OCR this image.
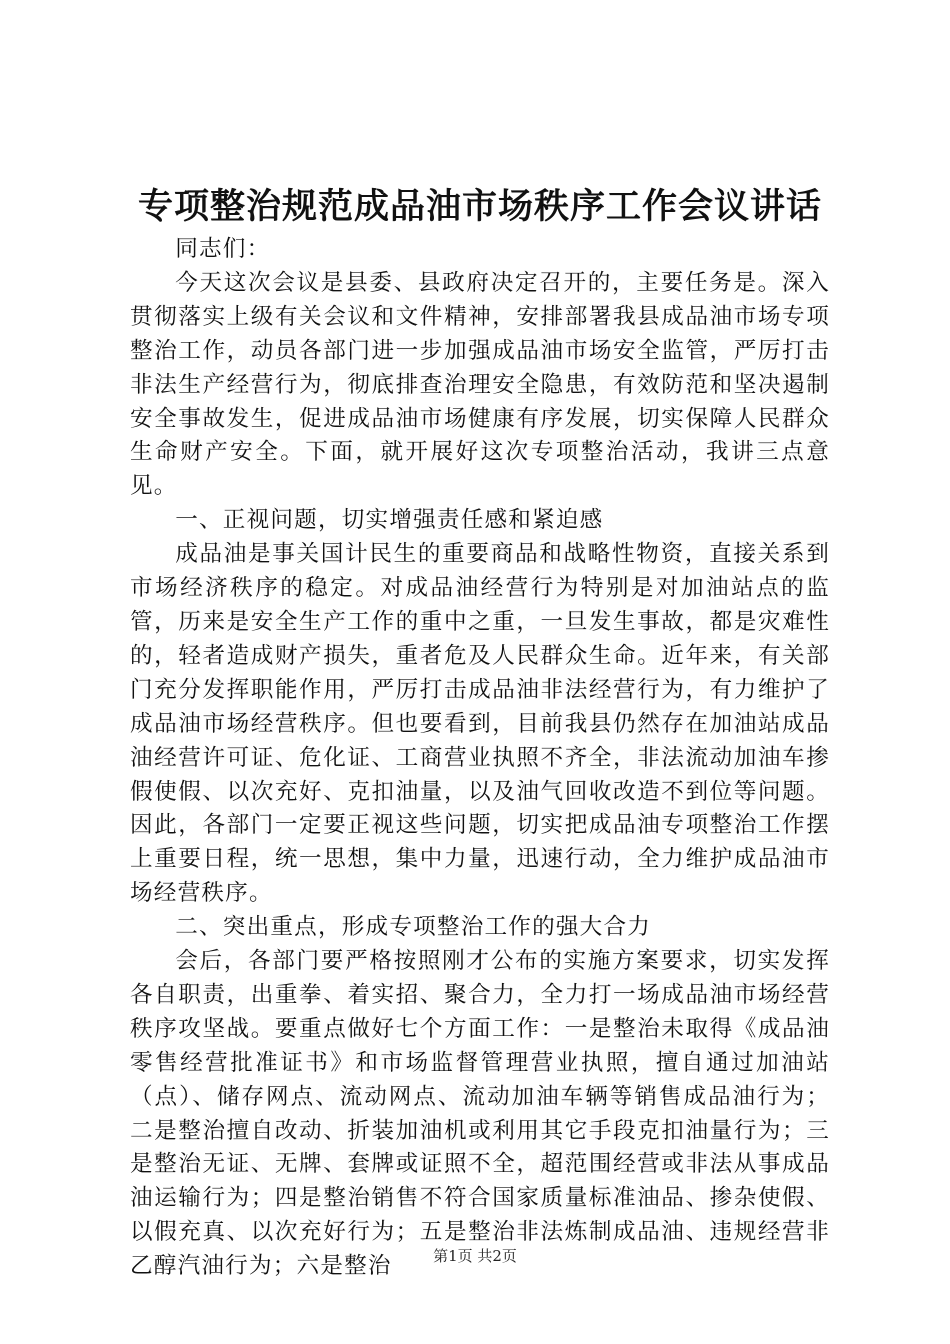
专项整治规范成品油市场秩序工作会议讲话

同志们：

今天这次会议是县委、县政府决定召开的，主要任务是。深入贯彻落实上级有关会议和文件精神，安排部署我县成品油市场专项整治工作，动员各部门进一步加强成品油市场安全监管，严厉打击非法生产经营行为，彻底排查治理安全隐患，有效防范和坚决遏制安全事故发生，促进成品油市场健康有序发展，切实保障人民群众生命财产安全。下面，就开展好这次专项整治活动，我讲三点意见。

一、正视问题，切实增强责任感和紧迫感

成品油是事关国计民生的重要商品和战略性物资，直接关系到市场经济秩序的稳定。对成品油经营行为特别是对加油站点的监管，历来是安全生产工作的重中之重，一旦发生事故，都是灾难性的，轻者造成财产损失，重者危及人民群众生命。近年来，有关部门充分发挥职能作用，严厉打击成品油非法经营行为，有力维护了成品油市场经营秩序。但也要看到，目前我县仍然存在加油站成品油经营许可证、危化证、工商营业执照不齐全，非法流动加油车掺假使假、以次充好、克扣油量，以及油气回收改造不到位等问题。因此，各部门一定要正视这些问题，切实把成品油专项整治工作摆上重要日程，统一思想，集中力量，迅速行动，全力维护成品油市场经营秩序。

二、突出重点，形成专项整治工作的强大合力

会后，各部门要严格按照刚才公布的实施方案要求，切实发挥各自职责，出重拳、着实招、聚合力，全力打一场成品油市场经营秩序攻坚战。要重点做好七个方面工作：一是整治未取得《成品油零售经营批准证书》和市场监督管理营业执照，擅自通过加油站（点）、储存网点、流动网点、流动加油车辆等销售成品油行为；二是整治擅自改动、折装加油机或利用其它手段克扣油量行为；三是整治无证、无牌、套牌或证照不全，超范围经营或非法从事成品油运输行为；四是整治销售不符合国家质量标准油品、掺杂使假、以假充真、以次充好行为；五是整治非法炼制成品油、违规经营非乙醇汽油行为；六是整治	第1页 共2页
